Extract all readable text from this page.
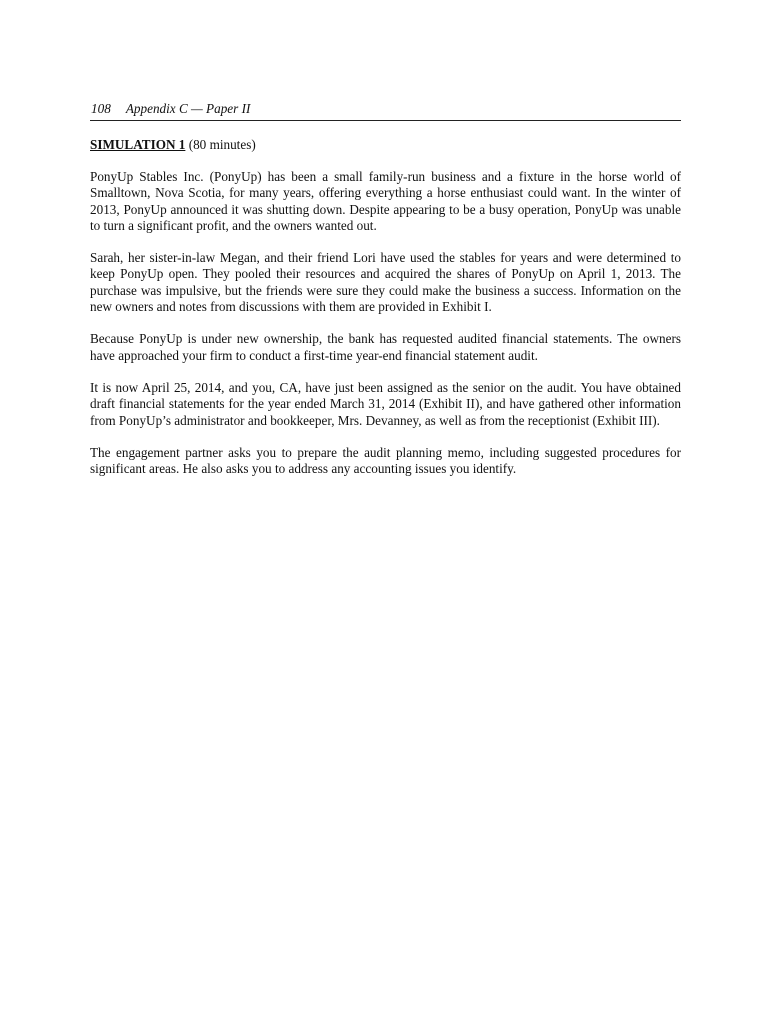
108 Appendix C — Paper II
SIMULATION 1 (80 minutes)

PonyUp Stables Inc. (PonyUp) has been a small family-run business and a fixture in the horse world of Smalltown, Nova Scotia, for many years, offering everything a horse enthusiast could want. In the winter of 2013, PonyUp announced it was shutting down. Despite appearing to be a busy operation, PonyUp was unable to turn a significant profit, and the owners wanted out.

Sarah, her sister-in-law Megan, and their friend Lori have used the stables for years and were determined to keep PonyUp open. They pooled their resources and acquired the shares of PonyUp on April 1, 2013. The purchase was impulsive, but the friends were sure they could make the business a success. Information on the new owners and notes from discussions with them are provided in Exhibit I.

Because PonyUp is under new ownership, the bank has requested audited financial statements. The owners have approached your firm to conduct a first-time year-end financial statement audit.

It is now April 25, 2014, and you, CA, have just been assigned as the senior on the audit. You have obtained draft financial statements for the year ended March 31, 2014 (Exhibit II), and have gathered other information from PonyUp’s administrator and bookkeeper, Mrs. Devanney, as well as from the receptionist (Exhibit III).

The engagement partner asks you to prepare the audit planning memo, including suggested procedures for significant areas. He also asks you to address any accounting issues you identify.
